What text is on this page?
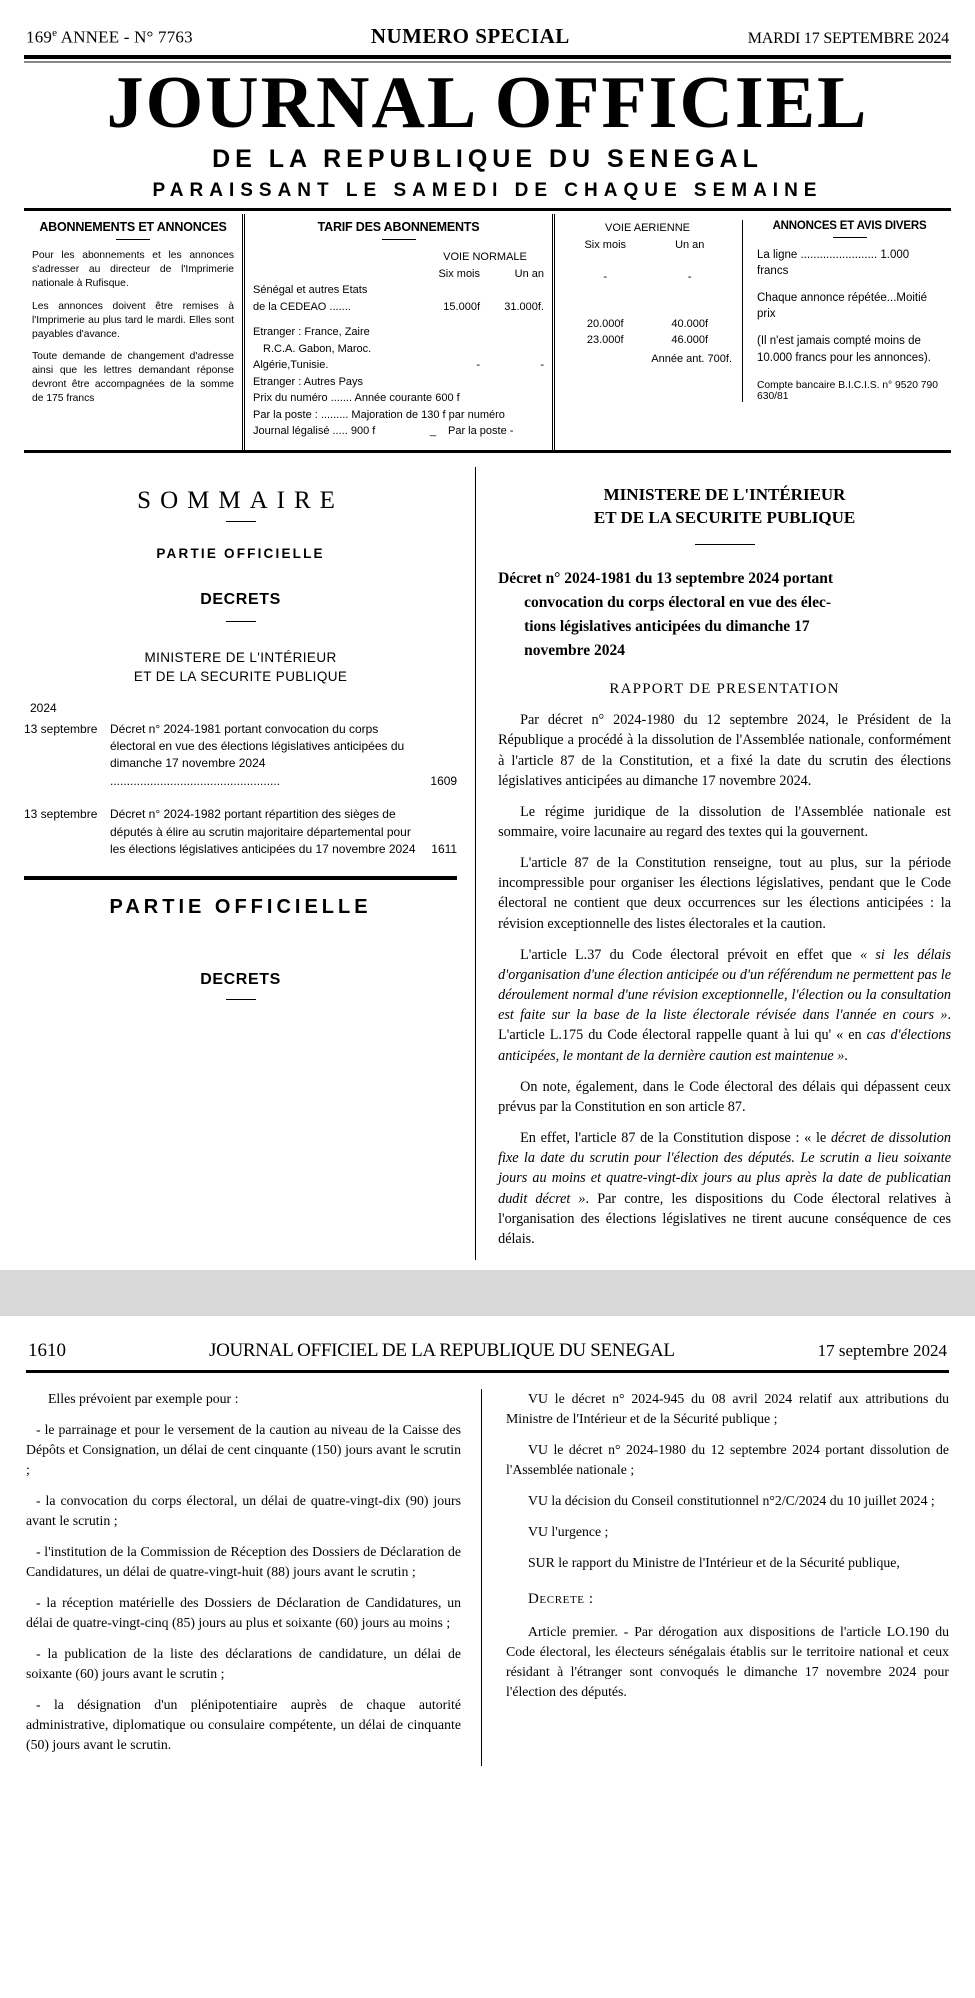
169e ANNEE - N° 7763	NUMERO SPECIAL	MARDI 17 SEPTEMBRE 2024
JOURNAL OFFICIEL
DE LA REPUBLIQUE DU SENEGAL
PARAISSANT LE SAMEDI DE CHAQUE SEMAINE
ABONNEMENTS ET ANNONCES

Pour les abonnements et les annonces s'adresser au directeur de l'Imprimerie nationale à Rufisque.

Les annonces doivent être remises à l'Imprimerie au plus tard le mardi. Elles sont payables d'avance.

Toute demande de changement d'adresse ainsi que les lettres demandant réponse devront être accompagnées de la somme de 175 francs

TARIF DES ABONNEMENTS

VOIE NORMALE

Six mois	Un an
Sénégal et autres Etats
de la CEDEAO .......	15.000f	31.000f.
Etranger : France, Zaire
R.C.A. Gabon, Maroc.
Algérie,Tunisie.	-	-
Etranger : Autres Pays
Prix du numéro ....... Année courante 600 f
Par la poste : ......... Majoration de 130 f par numéro
Journal légalisé ..... 900 f	_	Par la poste -
VOIE AERIENNE
Six mois	Un an
-	-
20.000f	40.000f
23.000f	46.000f
Année ant. 700f.
ANNONCES ET AVIS DIVERS
La ligne ........................ 1.000 francs
Chaque annonce répétée...Moitié prix
(Il n'est jamais compté moins de 10.000 francs pour les annonces).
Compte bancaire B.I.C.I.S. n° 9520 790 630/81
SOMMAIRE
PARTIE OFFICIELLE
DECRETS
MINISTERE DE L'INTÉRIEUR
ET DE LA SECURITE PUBLIQUE
2024
13 septembre	Décret n° 2024-1981 portant convocation du corps électoral en vue des élections législatives anticipées du dimanche 17 novembre 2024 ...................................................	1609
13 septembre	Décret n° 2024-1982 portant répartition des sièges de députés à élire au scrutin majoritaire départemental pour les élections législatives anticipées du 17 novembre 2024	1611
PARTIE OFFICIELLE
DECRETS
MINISTERE DE L'INTÉRIEUR
ET DE LA SECURITE PUBLIQUE
Décret n° 2024-1981 du 13 septembre 2024 portant
convocation du corps électoral en vue des élec-
tions législatives anticipées du dimanche 17
novembre 2024
RAPPORT DE PRESENTATION

Par décret n° 2024-1980 du 12 septembre 2024, le Président de la République a procédé à la dissolution de l'Assemblée nationale, conformément à l'article 87 de la Constitution, et a fixé la date du scrutin des élections législatives anticipées au dimanche 17 novembre 2024.

Le régime juridique de la dissolution de l'Assemblée nationale est sommaire, voire lacunaire au regard des textes qui la gouvernent.

L'article 87 de la Constitution renseigne, tout au plus, sur la période incompressible pour organiser les élections législatives, pendant que le Code électoral ne contient que deux occurrences sur les élections anticipées : la révision exceptionnelle des listes électorales et la caution.

L'article L.37 du Code électoral prévoit en effet que « si les délais d'organisation d'une élection anticipée ou d'un référendum ne permettent pas le déroulement normal d'une révision exceptionnelle, l'élection ou la consultation est faite sur la base de la liste électorale révisée dans l'année en cours ». L'article L.175 du Code électoral rappelle quant à lui qu' « en cas d'élections anticipées, le montant de la dernière caution est maintenue ».

On note, également, dans le Code électoral des délais qui dépassent ceux prévus par la Constitution en son article 87.

En effet, l'article 87 de la Constitution dispose : « le décret de dissolution fixe la date du scrutin pour l'élection des députés. Le scrutin a lieu soixante jours au moins et quatre-vingt-dix jours au plus après la date de publicatian dudit décret ». Par contre, les dispositions du Code électoral relatives à l'organisation des élections législatives ne tirent aucune conséquence de ces délais.

1610	JOURNAL OFFICIEL DE LA REPUBLIQUE DU SENEGAL	17 septembre 2024

Elles prévoient par exemple pour :

- le parrainage et pour le versement de la caution au niveau de la Caisse des Dépôts et Consignation, un délai de cent cinquante (150) jours avant le scrutin ;

- la convocation du corps électoral, un délai de quatre-vingt-dix (90) jours avant le scrutin ;

- l'institution de la Commission de Réception des Dossiers de Déclaration de Candidatures, un délai de quatre-vingt-huit (88) jours avant le scrutin ;

- la réception matérielle des Dossiers de Déclaration de Candidatures, un délai de quatre-vingt-cinq (85) jours au plus et soixante (60) jours au moins ;

- la publication de la liste des déclarations de candidature, un délai de soixante (60) jours avant le scrutin ;

- la désignation d'un plénipotentiaire auprès de chaque autorité administrative, diplomatique ou consulaire compétente, un délai de cinquante (50) jours avant le scrutin.

VU le décret n° 2024-945 du 08 avril 2024 relatif aux attributions du Ministre de l'Intérieur et de la Sécurité publique ;

VU le décret n° 2024-1980 du 12 septembre 2024 portant dissolution de l'Assemblée nationale ;

VU la décision du Conseil constitutionnel n°2/C/2024 du 10 juillet 2024 ;

VU l'urgence ;

SUR le rapport du Ministre de l'Intérieur et de la Sécurité publique,

Decrete :

Article premier. - Par dérogation aux dispositions de l'article LO.190 du Code électoral, les électeurs sénégalais établis sur le territoire national et ceux résidant à l'étranger sont convoqués le dimanche 17 novembre 2024 pour l'élection des députés.
